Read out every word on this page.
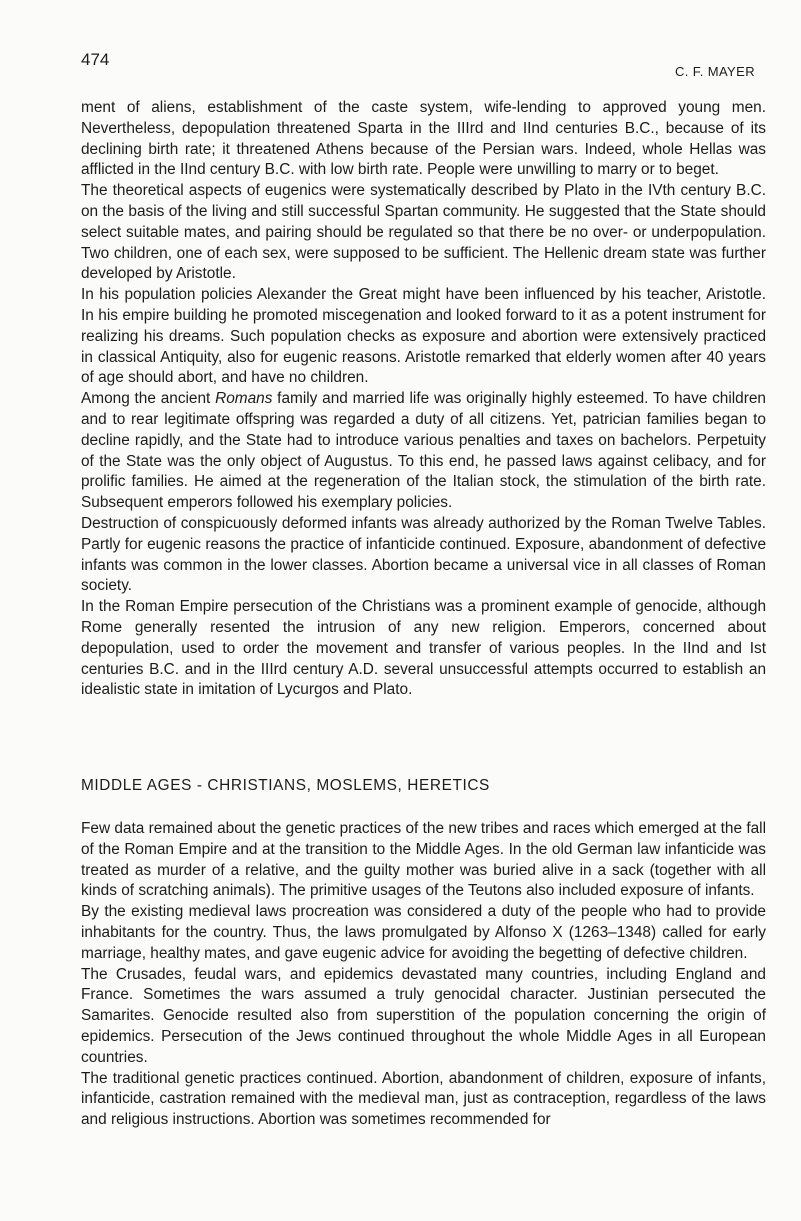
474
C. F. MAYER

ment of aliens, establishment of the caste system, wife-lending to approved young men. Nevertheless, depopulation threatened Sparta in the IIIrd and IInd centuries B.C., because of its declining birth rate; it threatened Athens because of the Persian wars. Indeed, whole Hellas was afflicted in the IInd century B.C. with low birth rate. People were unwilling to marry or to beget.

The theoretical aspects of eugenics were systematically described by Plato in the IVth century B.C. on the basis of the living and still successful Spartan community. He suggested that the State should select suitable mates, and pairing should be regulated so that there be no over- or underpopulation. Two children, one of each sex, were supposed to be sufficient. The Hellenic dream state was further developed by Aristotle.

In his population policies Alexander the Great might have been influenced by his teacher, Aristotle. In his empire building he promoted miscegenation and looked forward to it as a potent instrument for realizing his dreams. Such population checks as exposure and abortion were extensively practiced in classical Antiquity, also for eugenic reasons. Aristotle remarked that elderly women after 40 years of age should abort, and have no children.

Among the ancient Romans family and married life was originally highly esteemed. To have children and to rear legitimate offspring was regarded a duty of all citizens. Yet, patrician families began to decline rapidly, and the State had to introduce various penalties and taxes on bachelors. Perpetuity of the State was the only object of Augustus. To this end, he passed laws against celibacy, and for prolific families. He aimed at the regeneration of the Italian stock, the stimulation of the birth rate. Subsequent emperors followed his exemplary policies.

Destruction of conspicuously deformed infants was already authorized by the Roman Twelve Tables. Partly for eugenic reasons the practice of infanticide continued. Exposure, abandonment of defective infants was common in the lower classes. Abortion became a universal vice in all classes of Roman society.

In the Roman Empire persecution of the Christians was a prominent example of genocide, although Rome generally resented the intrusion of any new religion. Emperors, concerned about depopulation, used to order the movement and transfer of various peoples. In the IInd and Ist centuries B.C. and in the IIIrd century A.D. several unsuccessful attempts occurred to establish an idealistic state in imitation of Lycurgos and Plato.

MIDDLE AGES - CHRISTIANS, MOSLEMS, HERETICS

Few data remained about the genetic practices of the new tribes and races which emerged at the fall of the Roman Empire and at the transition to the Middle Ages. In the old German law infanticide was treated as murder of a relative, and the guilty mother was buried alive in a sack (together with all kinds of scratching animals). The primitive usages of the Teutons also included exposure of infants.

By the existing medieval laws procreation was considered a duty of the people who had to provide inhabitants for the country. Thus, the laws promulgated by Alfonso X (1263–1348) called for early marriage, healthy mates, and gave eugenic advice for avoiding the begetting of defective children.

The Crusades, feudal wars, and epidemics devastated many countries, including England and France. Sometimes the wars assumed a truly genocidal character. Justinian persecuted the Samarites. Genocide resulted also from superstition of the population concerning the origin of epidemics. Persecution of the Jews continued throughout the whole Middle Ages in all European countries.

The traditional genetic practices continued. Abortion, abandonment of children, exposure of infants, infanticide, castration remained with the medieval man, just as contraception, regardless of the laws and religious instructions. Abortion was sometimes recommended for
